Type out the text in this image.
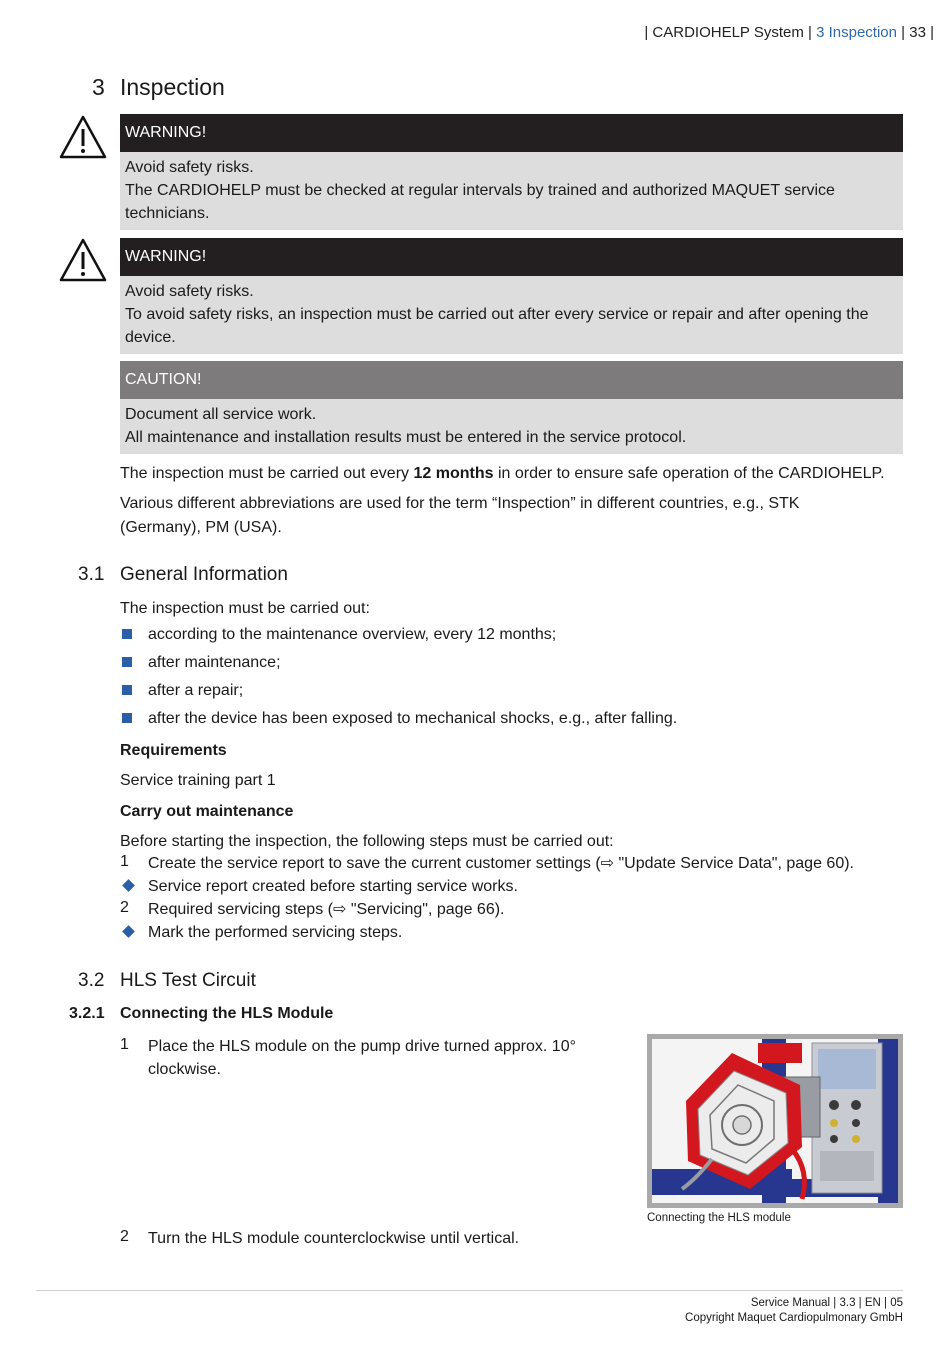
| CARDIOHELP System | 3 Inspection | 33 |
3 Inspection
WARNING!
Avoid safety risks.
The CARDIOHELP must be checked at regular intervals by trained and authorized MAQUET service technicians.
WARNING!
Avoid safety risks.
To avoid safety risks, an inspection must be carried out after every service or repair and after opening the device.
CAUTION!
Document all service work.
All maintenance and installation results must be entered in the service protocol.
The inspection must be carried out every 12 months in order to ensure safe operation of the CARDIOHELP.
Various different abbreviations are used for the term “Inspection” in different countries, e.g., STK (Germany), PM (USA).
3.1 General Information
The inspection must be carried out:
according to the maintenance overview, every 12 months;
after maintenance;
after a repair;
after the device has been exposed to mechanical shocks, e.g., after falling.
Requirements
Service training part 1
Carry out maintenance
Before starting the inspection, the following steps must be carried out:
1 Create the service report to save the current customer settings (⇨ "Update Service Data", page 60).
Service report created before starting service works.
2 Required servicing steps (⇨ "Servicing", page 66).
Mark the performed servicing steps.
3.2 HLS Test Circuit
3.2.1 Connecting the HLS Module
1 Place the HLS module on the pump drive turned approx. 10°
clockwise.
Connecting the HLS module
2 Turn the HLS module counterclockwise until vertical.
Service Manual | 3.3 | EN | 05
Copyright Maquet Cardiopulmonary GmbH
